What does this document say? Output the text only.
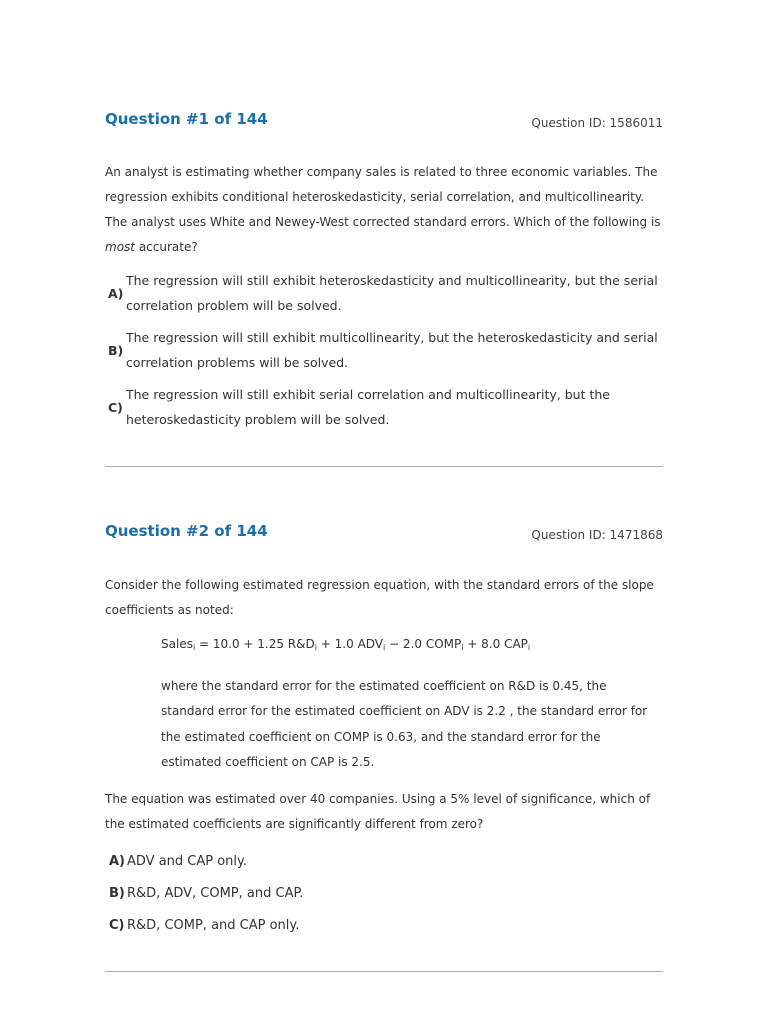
Question #1 of 144	Question ID: 1586011

An analyst is estimating whether company sales is related to three economic variables. The regression exhibits conditional heteroskedasticity, serial correlation, and multicollinearity. The analyst uses White and Newey-West corrected standard errors. Which of the following is most accurate?

A)
The regression will still exhibit heteroskedasticity and multicollinearity, but the serial correlation problem will be solved.
B)
The regression will still exhibit multicollinearity, but the heteroskedasticity and serial correlation problems will be solved.
C)
The regression will still exhibit serial correlation and multicollinearity, but the heteroskedasticity problem will be solved.
Question #2 of 144	Question ID: 1471868

Consider the following estimated regression equation, with the standard errors of the slope coefficients as noted:

Sales$_i$ = 10.0 + 1.25 $R\&D_i + 1.0$ $ADV_i - 2.0$ $COMP_i + 8.0$ $CAP_i$

where the standard error for the estimated coefficient on R&D is 0.45, the standard error for the estimated coefficient on ADV is 2.2 , the standard error for the estimated coefficient on COMP is 0.63, and the standard error for the estimated coefficient on CAP is 2.5.

The equation was estimated over 40 companies. Using a 5% level of significance, which of the estimated coefficients are significantly different from zero?

A) ADV and CAP only.
B) R&D, ADV, COMP, and CAP.
C) R&D, COMP, and CAP only.
